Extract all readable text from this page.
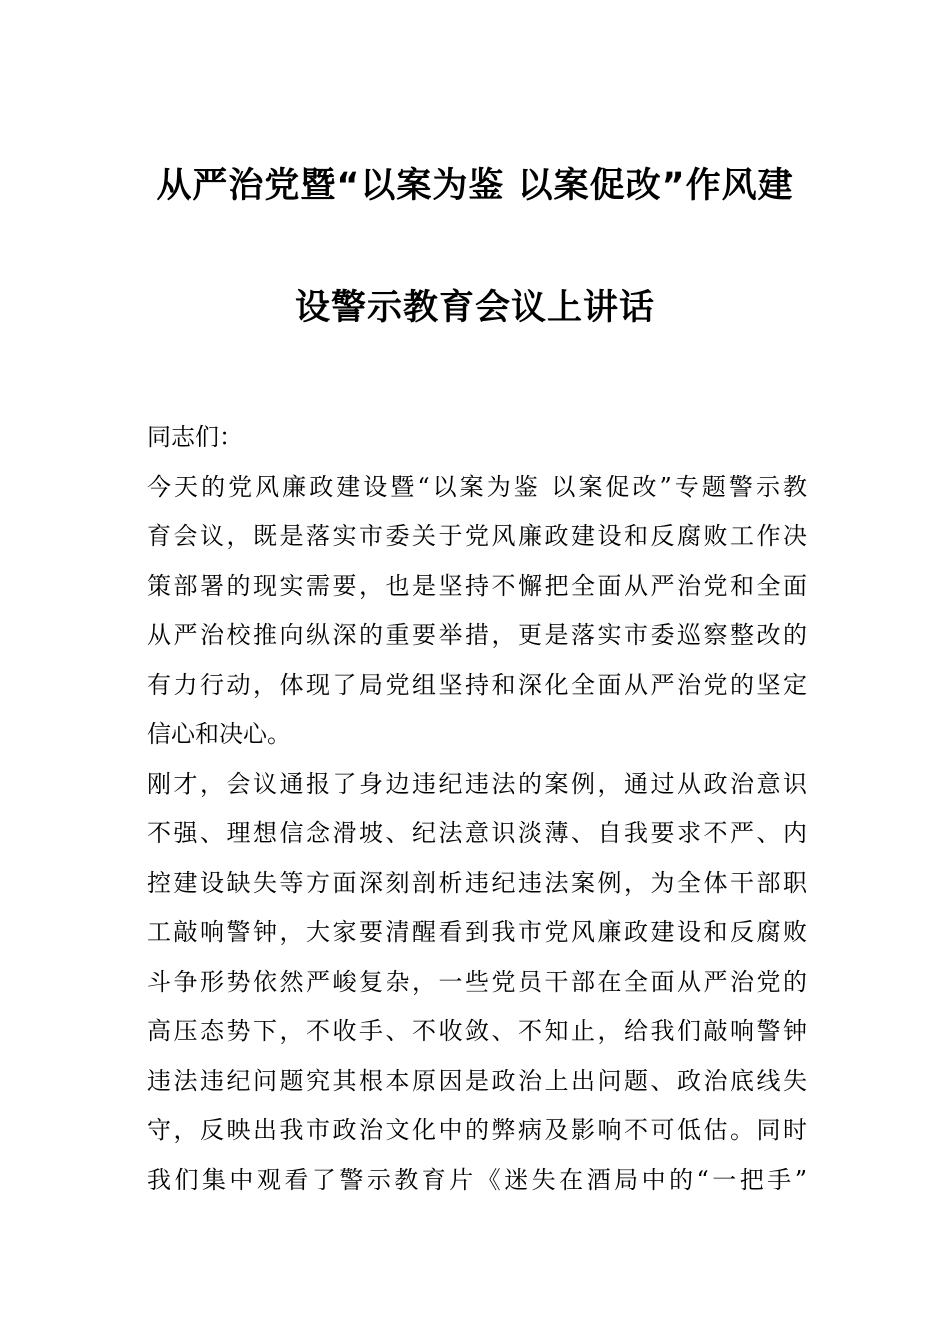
从严治党暨“以案为鉴 以案促改”作风建
设警示教育会议上讲话
同志们：
今天的党风廉政建设暨“以案为鉴 以案促改”专题警示教
育会议，既是落实市委关于党风廉政建设和反腐败工作决
策部署的现实需要，也是坚持不懈把全面从严治党和全面
从严治校推向纵深的重要举措，更是落实市委巡察整改的
有力行动，体现了局党组坚持和深化全面从严治党的坚定
信心和决心。
刚才，会议通报了身边违纪违法的案例，通过从政治意识
不强、理想信念滑坡、纪法意识淡薄、自我要求不严、内
控建设缺失等方面深刻剖析违纪违法案例，为全体干部职
工敲响警钟，大家要清醒看到我市党风廉政建设和反腐败
斗争形势依然严峻复杂，一些党员干部在全面从严治党的
高压态势下，不收手、不收敛、不知止，给我们敲响警钟
违法违纪问题究其根本原因是政治上出问题、政治底线失
守，反映出我市政治文化中的弊病及影响不可低估。同时
我们集中观看了警示教育片《迷失在酒局中的“一把手”
